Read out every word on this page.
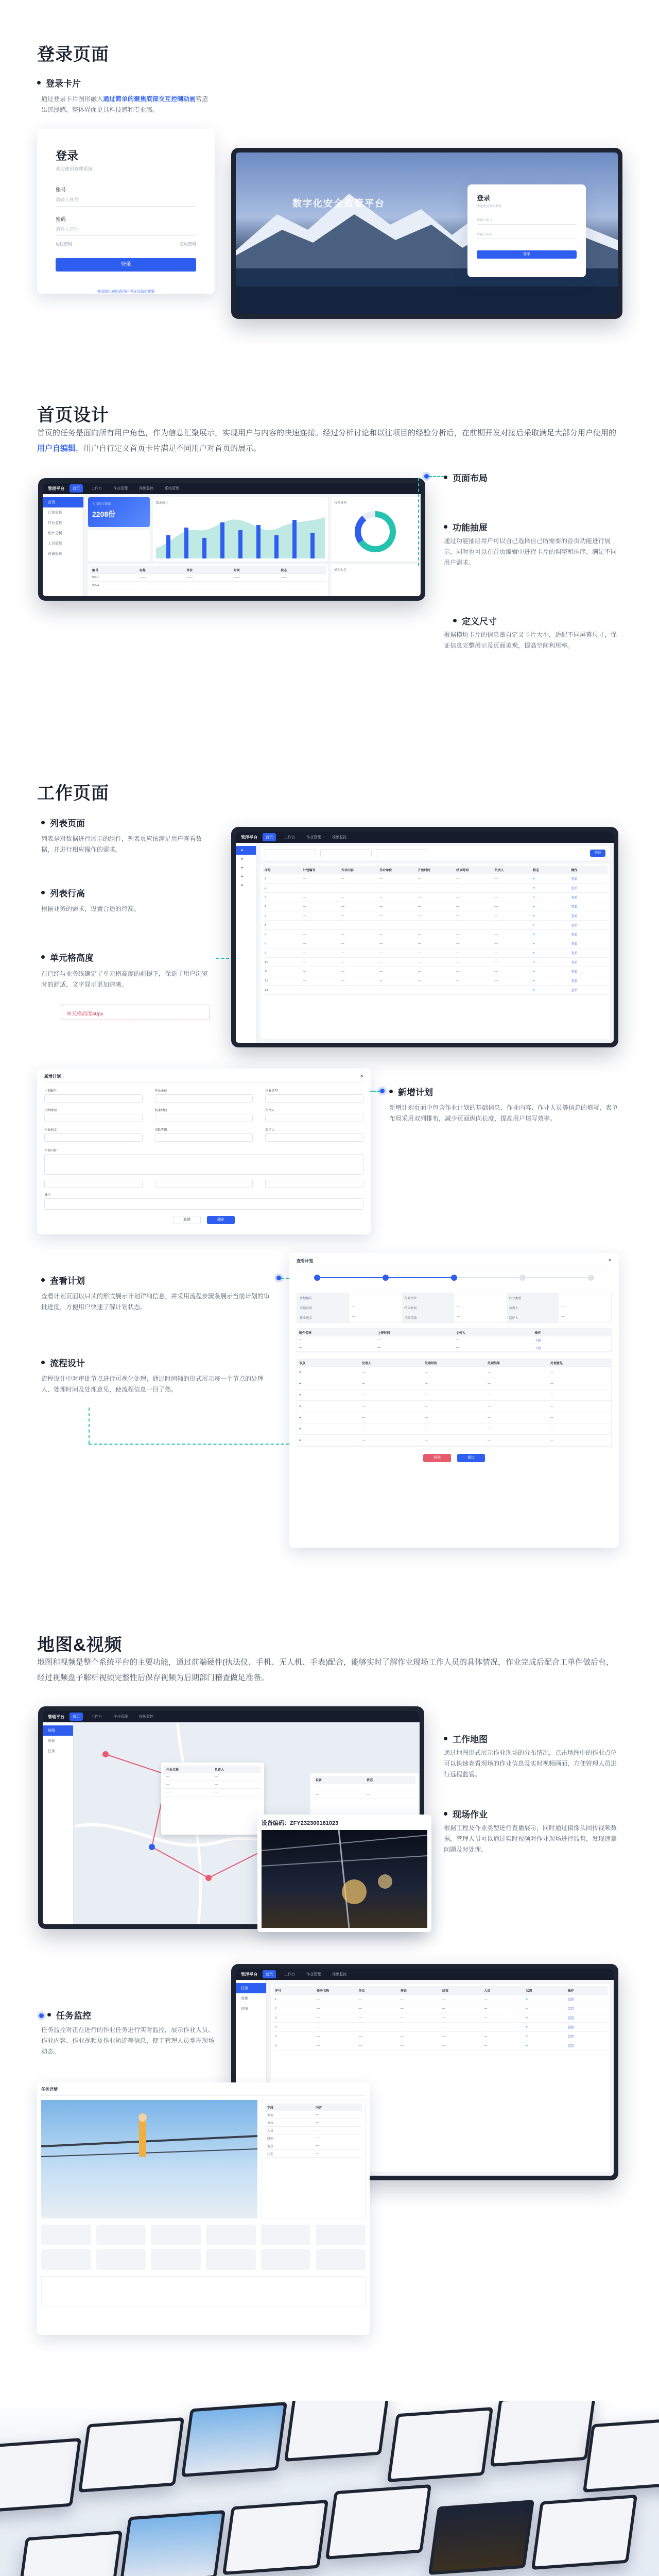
登录页面
登录卡片
通过登录卡片图形融入通过简单的聚焦底部交互控制动画营造出沉浸感，整体界面更具科技感和专业感。
登录
欢迎使用管理系统
账号
请输入账号
密码
请输入密码
记住密码	忘记密码
登录
登录即代表同意用户协议及隐私政策
数字化安全监管平台
登录
欢迎使用管理系统
请输入账号
请输入密码
登录
首页设计
首页的任务是面向所有用户角色，作为信息汇聚展示，实现用户与内容的快速连接。经过分析讨论和以往项目的经验分析后，在前期开发对接后采取满足大部分用户使用的用户自编辑，用户自行定义首页卡片满足不同用户对首页的展示。
管理平台	首页	工作台	作业管理	视频监控	系统管理
首页
计划管理
作业监控
统计分析
人员管理
设备管理
今日统计数据
2208份
数据统计	待办事项
编号	名称	单位	时间	状态
0001	——	——	——	——
0002	——	——	——	——
通知公告
页面布局
功能抽屉
通过功能抽屉用户可以自己选择自己所需要的首页功能进行展示，同时也可以在首页编辑中进行卡片的调整和排序，满足不同用户需求。
定义尺寸
根据模块卡片的信息量自定义卡片大小，适配不同屏幕尺寸，保证信息完整展示及页面美观，提高空间利用率。
工作页面
列表页面
列表是对数据进行展示的组件，列表页应该满足用户查看数据，并进行相应操作的需求。
列表行高
根据业务的需求，设置合适的行高。
单元格高度
在已经与业务线确定了单元格高度的前提下，保证了用户浏览时的舒适，文字显示更加清晰。
单元格高度40px
管理平台	首页	工作台	作业管理	视频监控
●
●
●
●
●
查询
序号	计划编号	作业内容	作业单位	开始时间	结束时间	负责人	状态	操作
1	—	—	—	—	—	—	●	查看
2	—	—	—	—	—	—	●	查看
3	—	—	—	—	—	—	●	查看
4	—	—	—	—	—	—	●	查看
5	—	—	—	—	—	—	●	查看
6	—	—	—	—	—	—	●	查看
7	—	—	—	—	—	—	●	查看
8	—	—	—	—	—	—	●	查看
9	—	—	—	—	—	—	●	查看
10	—	—	—	—	—	—	●	查看
11	—	—	—	—	—	—	●	查看
12	—	—	—	—	—	—	●	查看
13	—	—	—	—	—	—	●	查看
新增计划	✕
计划编号	作业单位	作业类型
开始时间	结束时间	负责人
作业地点	风险等级	监护人
作业内容
备注
取消	确定
新增计划
新增计划页面中包含作业计划的基础信息、作业内容、作业人员等信息的填写，表单布局采用双列排布，减少页面纵向长度，提高用户填写效率。
查看计划
查看计划页面以只读的形式展示计划详细信息，并采用流程步骤条展示当前计划的审批进度，方便用户快速了解计划状态。
流程设计
流程设计中对审批节点进行可视化处理，通过时间轴的形式展示每一个节点的处理人、处理时间及处理意见，使流程信息一目了然。
查看计划	✕
计划编号	—	作业单位	—	作业类型	—
开始时间	—	结束时间	—	负责人	—
作业地点	—	风险等级	—	监护人	—
附件名称	上传时间	上传人	操作
—	—	—	下载
—	—	—	下载
节点	处理人	处理时间	处理结果	处理意见
●	—	—	—	—
●	—	—	—	—
●	—	—	—	—
●	—	—	—	—
●	—	—	—	—
●	—	—	—	—
●	—	—	—	—
驳回	通过
地图&视频
地图和视频是整个系统平台的主要功能，通过前端硬件(执法仪、手机、无人机、手表)配合，能够实时了解作业现场工作人员的具体情况，作业完成后配合工单件做后台，经过视频盘子解析视频完整性后保存视频为后期部门稽查做足准备。
管理平台	首页	工作台	作业管理	视频监控
地图
视频
任务
作业名称	负责人
—	—
—	—
—	—
设备	状态
—	—
—	—
设备编码：ZFY232300161023
工作地图
通过地图形式展示作业现场的分布情况，点击地图中的作业点位可以快速查看现场的作业信息及实时视频画面，方便管理人员进行远程监管。
现场作业
根据工程及作业类型进行直播展示，同时通过摄像头回传视频数据，管理人员可以通过实时视频对作业现场进行监督，发现违章问题及时处理。
管理平台	首页	工作台	作业管理	视频监控
任务
视频
地图
序号	任务名称	单位	开始	结束	人员	状态	操作
1	—	—	—	—	—	●	监控
2	—	—	—	—	—	●	监控
3	—	—	—	—	—	●	监控
4	—	—	—	—	—	●	监控
5	—	—	—	—	—	●	监控
6	—	—	—	—	—	●	监控
任务监控
任务监控对正在进行的作业任务进行实时监控，展示作业人员、作业内容、作业视频及作业轨迹等信息，便于管理人员掌握现场动态。
任务详情
字段	内容
名称	—
单位	—
人员	—
时间	—
地点	—
状态	—
